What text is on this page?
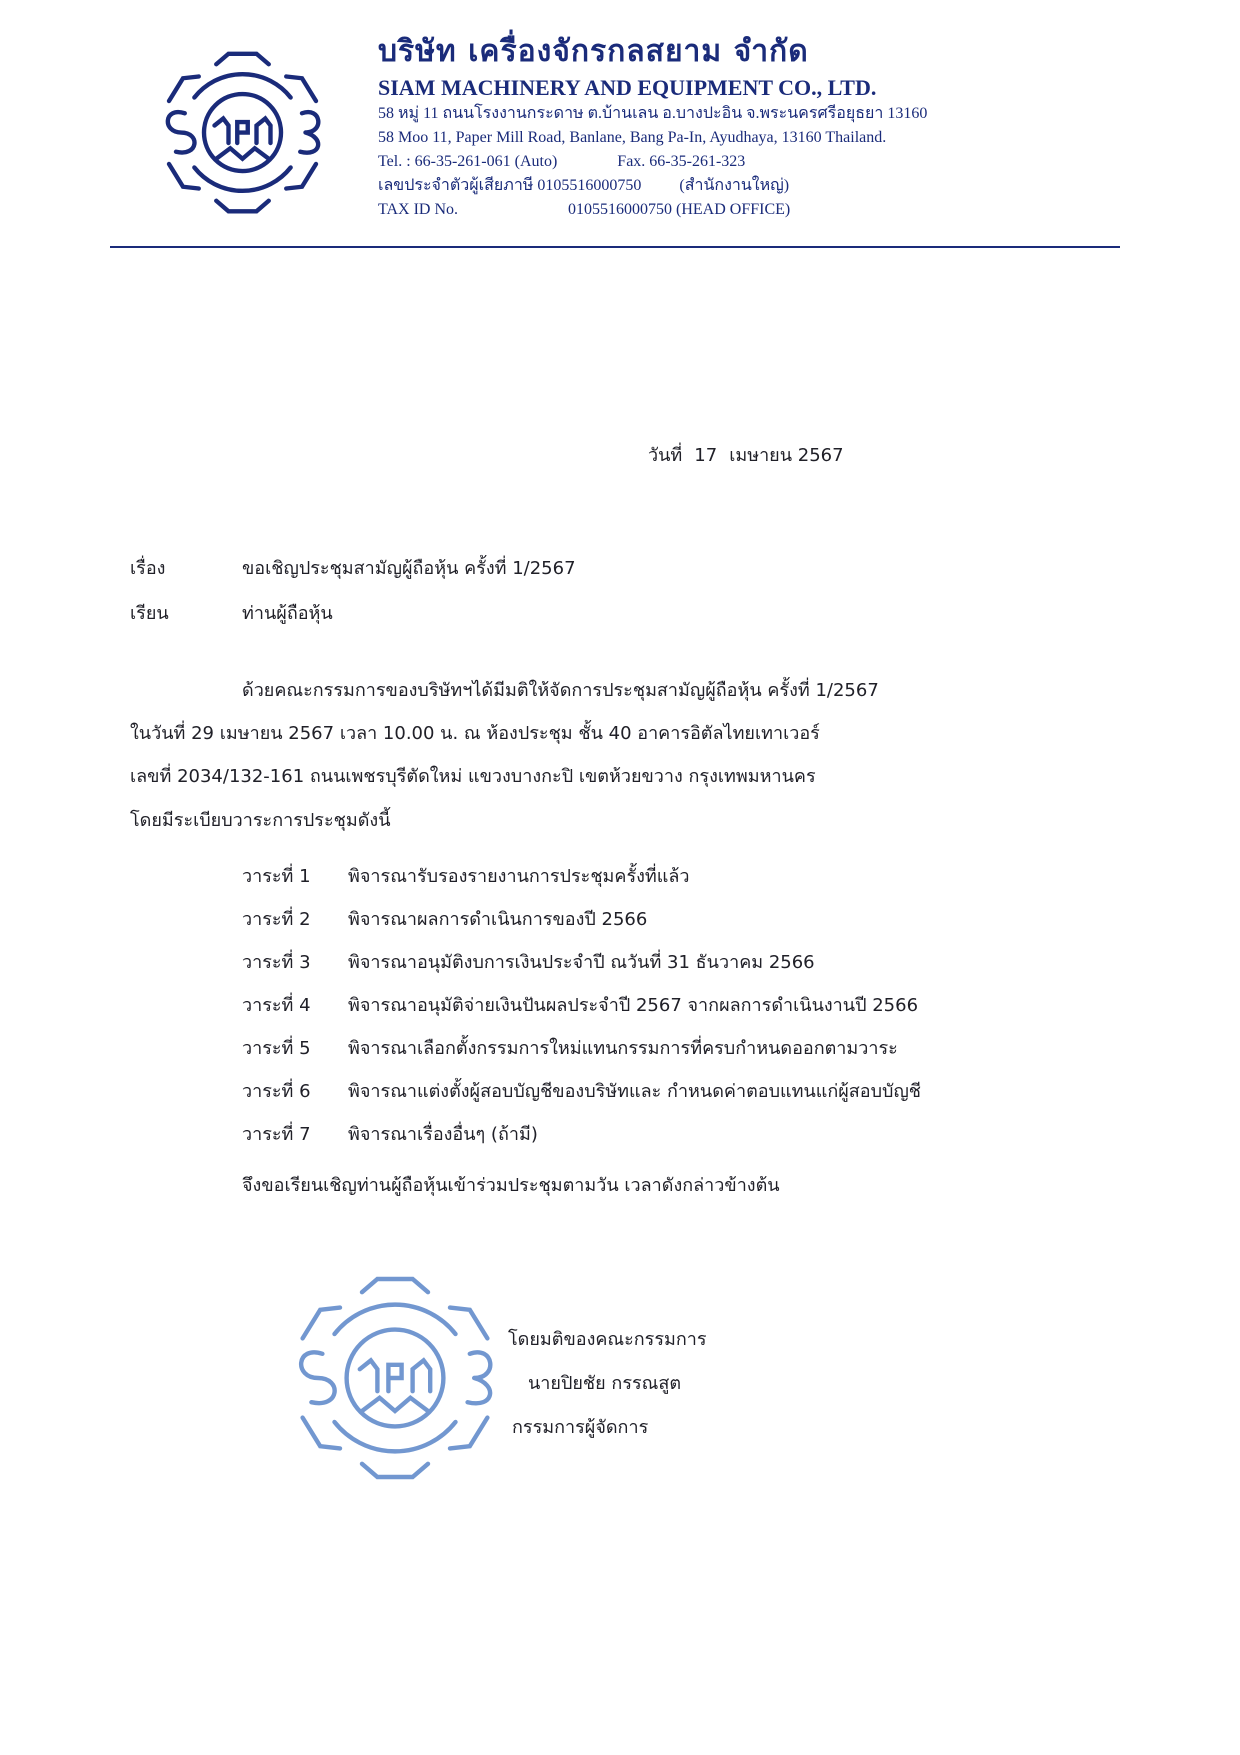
บริษัท เครื่องจักรกลสยาม จำกัด

SIAM MACHINERY AND EQUIPMENT CO., LTD.

58 หมู่ 11 ถนนโรงงานกระดาษ ต.บ้านเลน อ.บางปะอิน จ.พระนครศรีอยุธยา 13160

58 Moo 11, Paper Mill Road, Banlane, Bang Pa-In, Ayudhaya, 13160 Thailand.

Tel. : 66-35-261-061 (Auto)	Fax. 66-35-261-323

เลขประจำตัวผู้เสียภาษี 0105516000750 (สำนักงานใหญ่)

TAX ID No.	0105516000750 (HEAD OFFICE)

วันที่ 17 เมษายน 2567
เรื่อง	ขอเชิญประชุมสามัญผู้ถือหุ้น ครั้งที่ 1/2567
เรียน	ท่านผู้ถือหุ้น
ด้วยคณะกรรมการของบริษัทฯได้มีมติให้จัดการประชุมสามัญผู้ถือหุ้น ครั้งที่ 1/2567
ในวันที่ 29 เมษายน 2567 เวลา 10.00 น. ณ ห้องประชุม ชั้น 40 อาคารอิตัลไทยเทาเวอร์
เลขที่ 2034/132-161 ถนนเพชรบุรีตัดใหม่ แขวงบางกะปิ เขตห้วยขวาง กรุงเทพมหานคร
โดยมีระเบียบวาระการประชุมดังนี้
วาระที่ 1 พิจารณารับรองรายงานการประชุมครั้งที่แล้ว
วาระที่ 2 พิจารณาผลการดำเนินการของปี 2566
วาระที่ 3 พิจารณาอนุมัติงบการเงินประจำปี ณวันที่ 31 ธันวาคม 2566
วาระที่ 4 พิจารณาอนุมัติจ่ายเงินปันผลประจำปี 2567 จากผลการดำเนินงานปี 2566
วาระที่ 5 พิจารณาเลือกตั้งกรรมการใหม่แทนกรรมการที่ครบกำหนดออกตามวาระ
วาระที่ 6 พิจารณาแต่งตั้งผู้สอบบัญชีของบริษัทและ กำหนดค่าตอบแทนแก่ผู้สอบบัญชี
วาระที่ 7 พิจารณาเรื่องอื่นๆ (ถ้ามี)
จึงขอเรียนเชิญท่านผู้ถือหุ้นเข้าร่วมประชุมตามวัน เวลาดังกล่าวข้างต้น
โดยมติของคณะกรรมการ
นายปิยชัย กรรณสูต
กรรมการผู้จัดการ
